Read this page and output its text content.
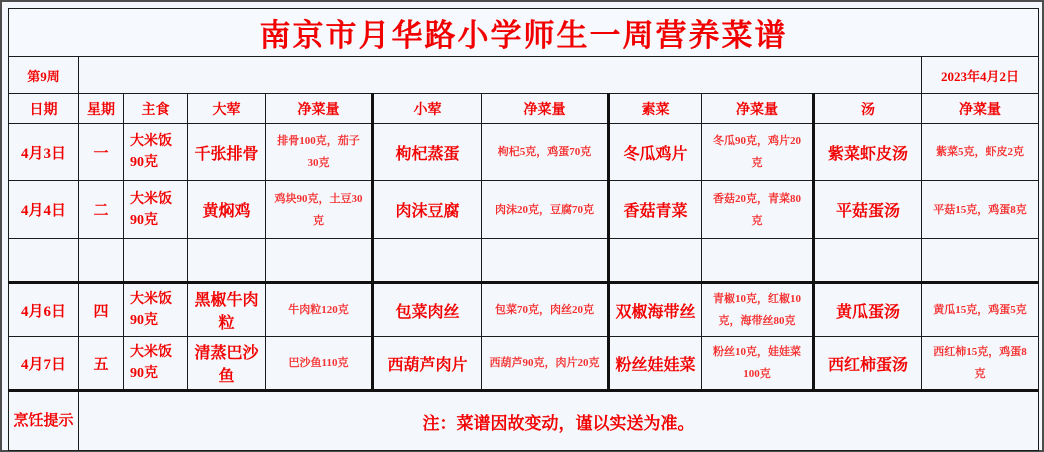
南京市月华路小学师生一周营养菜谱										
第9周										2023年4月2日
日期	星期	主食	大荤	净菜量	小荤	净菜量	素菜	净菜量	汤	净菜量
4月3日	一	大米饭90克	千张排骨	排骨100克，茄子30克	枸杞蒸蛋	枸杞5克，鸡蛋70克	冬瓜鸡片	冬瓜90克，鸡片20克	紫菜虾皮汤	紫菜5克，虾皮2克
4月4日	二	大米饭90克	黄焖鸡	鸡块90克，土豆30克	肉沫豆腐	肉沫20克，豆腐70克	香菇青菜	香菇20克，青菜80克	平菇蛋汤	平菇15克，鸡蛋8克

4月6日	四	大米饭90克	黑椒牛肉粒	牛肉粒120克	包菜肉丝	包菜70克，肉丝20克	双椒海带丝	青椒10克，红椒10克，海带丝80克	黄瓜蛋汤	黄瓜15克，鸡蛋5克
4月7日	五	大米饭90克	清蒸巴沙鱼	巴沙鱼110克	西葫芦肉片	西葫芦90克，肉片20克	粉丝娃娃菜	粉丝10克，娃娃菜100克	西红柿蛋汤	西红柿15克，鸡蛋8克
烹饪提示	注：菜谱因故变动，谨以实送为准。									
